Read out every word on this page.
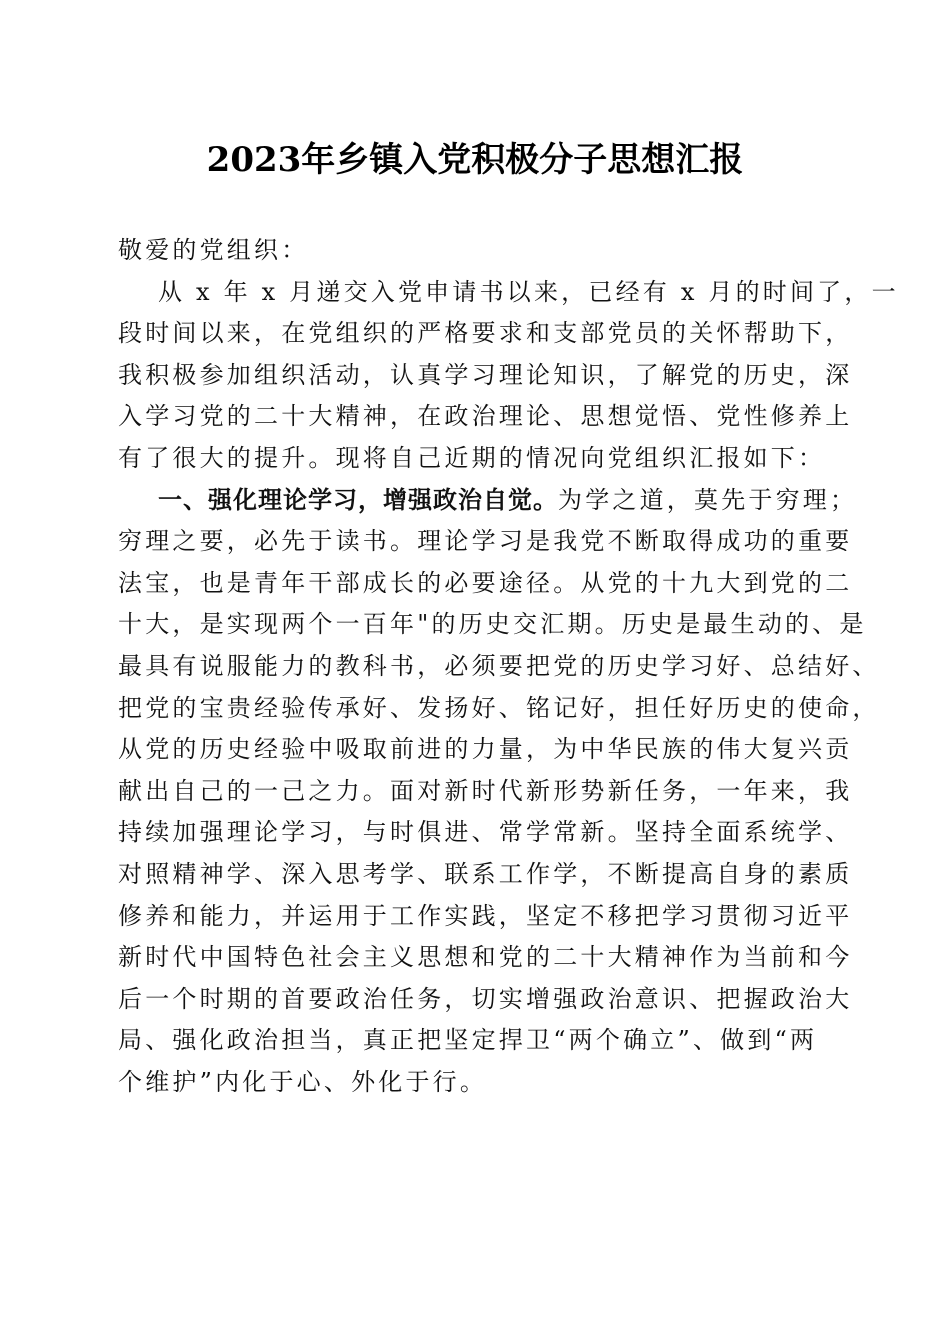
2023年乡镇入党积极分子思想汇报
敬爱的党组织：
从 x 年 x 月递交入党申请书以来，已经有 x 月的时间了，一
段时间以来，在党组织的严格要求和支部党员的关怀帮助下，
我积极参加组织活动，认真学习理论知识，了解党的历史，深
入学习党的二十大精神，在政治理论、思想觉悟、党性修养上
有了很大的提升。现将自己近期的情况向党组织汇报如下：
一、强化理论学习，增强政治自觉。为学之道，莫先于穷理；
穷理之要，必先于读书。理论学习是我党不断取得成功的重要
法宝，也是青年干部成长的必要途径。从党的十九大到党的二
十大，是实现两个一百年"的历史交汇期。历史是最生动的、是
最具有说服能力的教科书，必须要把党的历史学习好、总结好、
把党的宝贵经验传承好、发扬好、铭记好，担任好历史的使命，
从党的历史经验中吸取前进的力量，为中华民族的伟大复兴贡
献出自己的一己之力。面对新时代新形势新任务，一年来，我
持续加强理论学习，与时俱进、常学常新。坚持全面系统学、
对照精神学、深入思考学、联系工作学，不断提高自身的素质
修养和能力，并运用于工作实践，坚定不移把学习贯彻习近平
新时代中国特色社会主义思想和党的二十大精神作为当前和今
后一个时期的首要政治任务，切实增强政治意识、把握政治大
局、强化政治担当，真正把坚定捍卫“两个确立”、做到“两
个维护”内化于心、外化于行。
